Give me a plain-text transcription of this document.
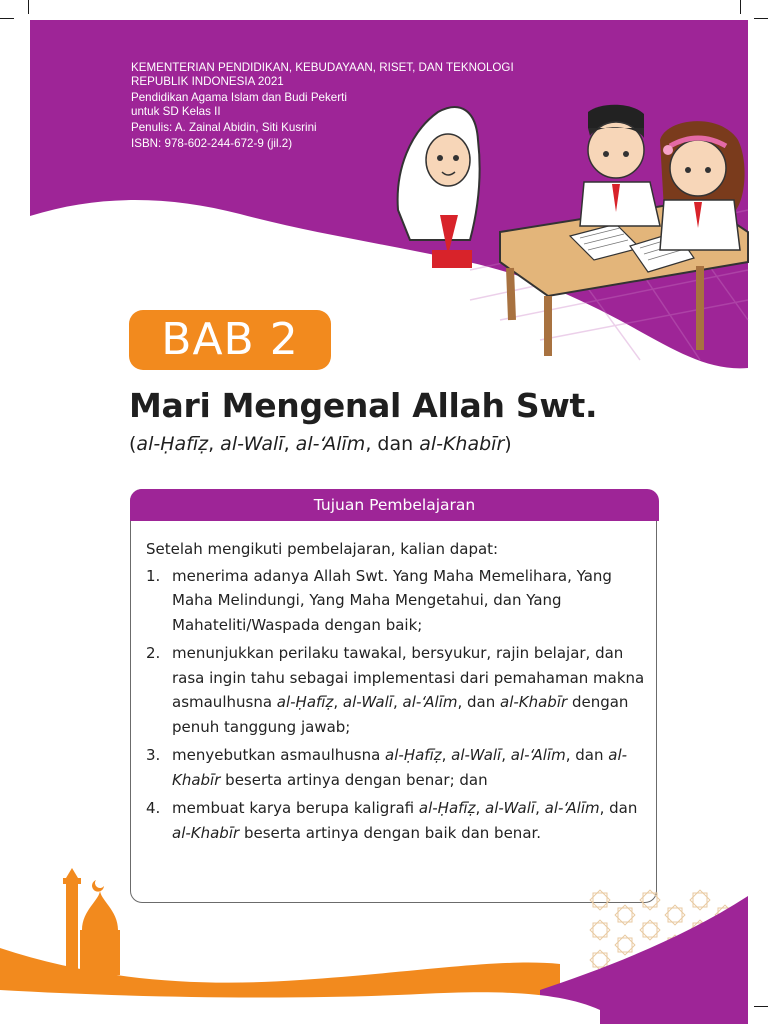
KEMENTERIAN PENDIDIKAN, KEBUDAYAAN, RISET, DAN TEKNOLOGI
REPUBLIK INDONESIA 2021
Pendidikan Agama Islam dan Budi Pekerti
untuk SD Kelas II
Penulis: A. Zainal Abidin, Siti Kusrini
ISBN: 978-602-244-672-9 (jil.2)
BAB 2
Mari Mengenal Allah Swt.
(al-Ḥafīẓ, al-Walī, al-‘Alīm, dan al-Khabīr)
Tujuan Pembelajaran
Setelah mengikuti pembelajaran, kalian dapat:
1. menerima adanya Allah Swt. Yang Maha Memelihara, Yang Maha Melindungi, Yang Maha Mengetahui, dan Yang Mahateliti/Waspada dengan baik;
2. menunjukkan perilaku tawakal, bersyukur, rajin belajar, dan rasa ingin tahu sebagai implementasi dari pemahaman makna asmaulhusna al-Ḥafīẓ, al-Walī, al-‘Alīm, dan al-Khabīr dengan penuh tanggung jawab;
3. menyebutkan asmaulhusna al-Ḥafīẓ, al-Walī, al-‘Alīm, dan al-Khabīr beserta artinya dengan benar; dan
4. membuat karya berupa kaligrafi al-Ḥafīẓ, al-Walī, al-‘Alīm, dan al-Khabīr beserta artinya dengan baik dan benar.
